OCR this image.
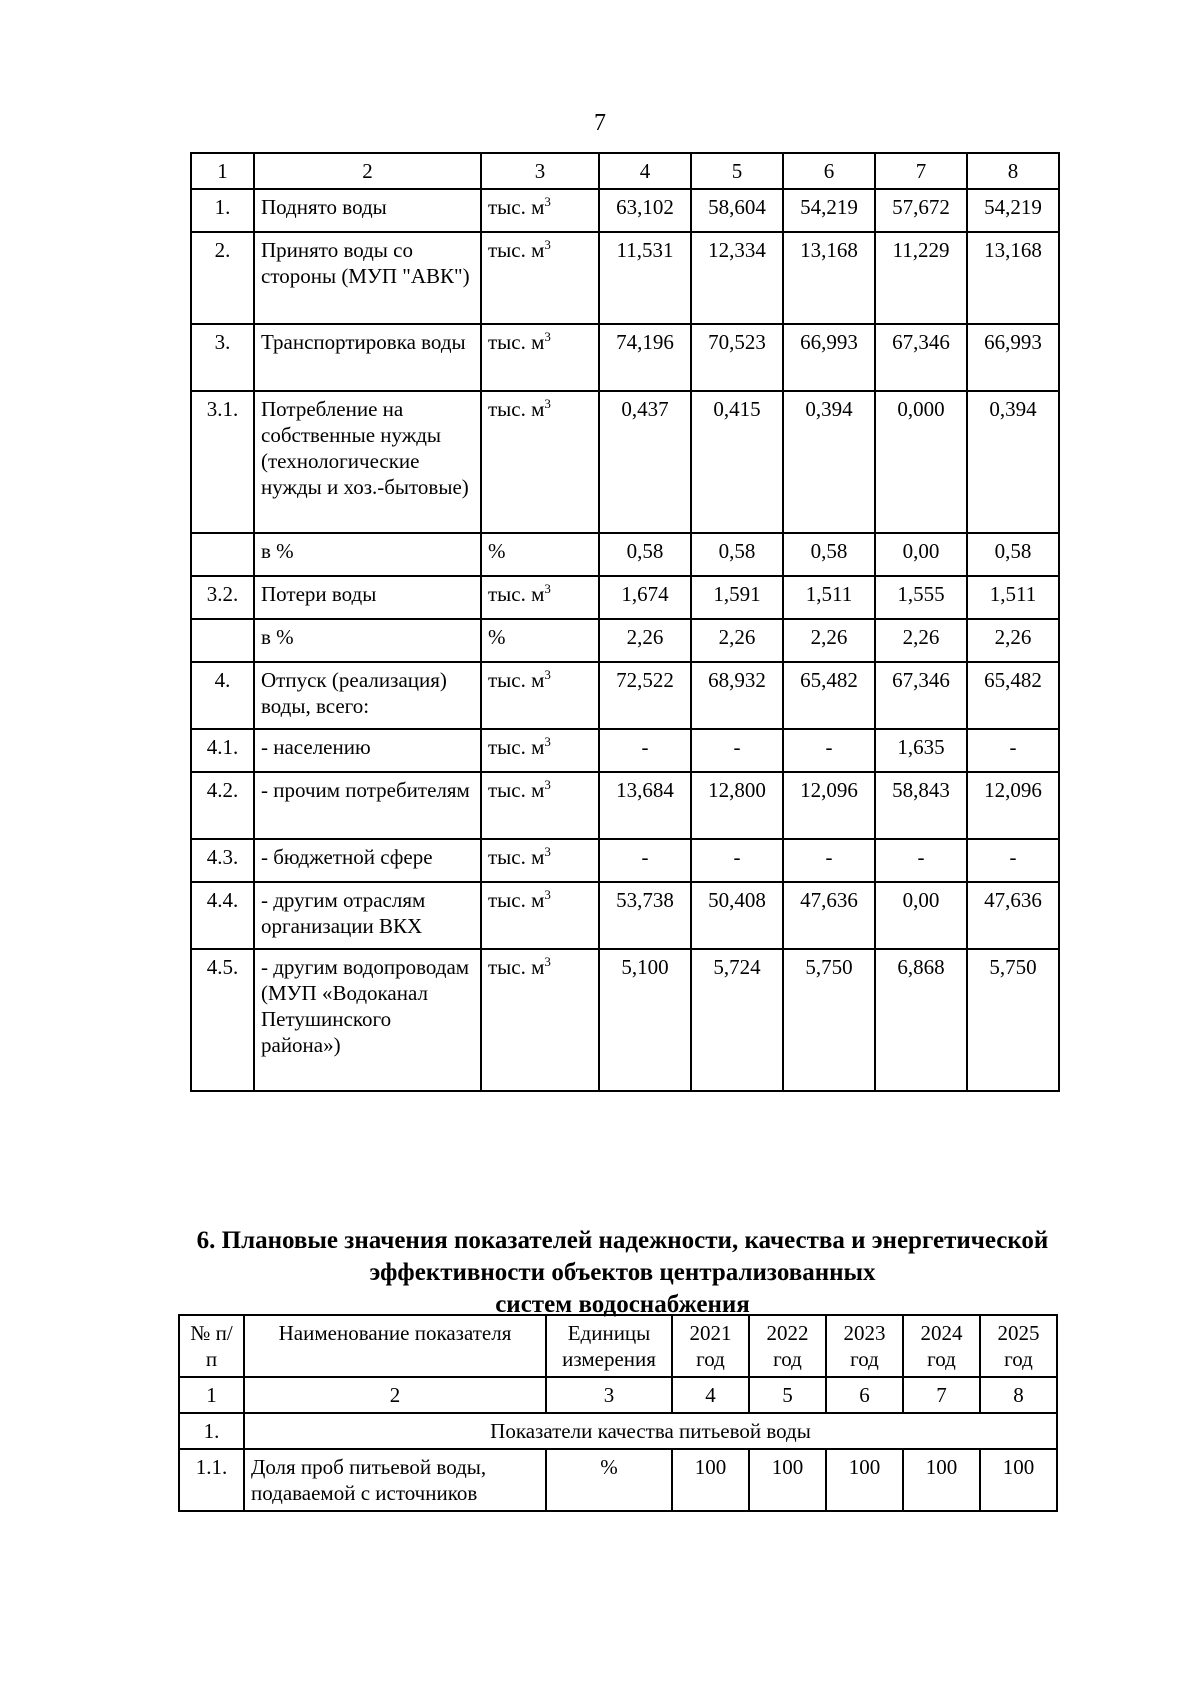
7
1	2	3	4	5	6	7	8
1.	Поднято воды	тыс. $м^3$	63,102	58,604	54,219	57,672	54,219
2.	Принято воды со стороны (МУП "АВК")	тыс. $м^3$	11,531	12,334	13,168	11,229	13,168
3.	Транспортировка воды	тыс. $м^3$	74,196	70,523	66,993	67,346	66,993
3.1.	Потребление на собственные нужды (технологические нужды и хоз.-бытовые)	тыс. $м^3$	0,437	0,415	0,394	0,000	0,394
	в %	%	0,58	0,58	0,58	0,00	0,58
3.2.	Потери воды	тыс. $м^3$	1,674	1,591	1,511	1,555	1,511
	в %	%	2,26	2,26	2,26	2,26	2,26
4.	Отпуск (реализация) воды, всего:	тыс. $м^3$	72,522	68,932	65,482	67,346	65,482
4.1.	- населению	тыс. $м^3$	-	-	-	1,635	-
4.2.	- прочим потребителям	тыс. $м^3$	13,684	12,800	12,096	58,843	12,096
4.3.	- бюджетной сфере	тыс. $м^3$	-	-	-	-	-
4.4.	- другим отраслям организации ВКХ	тыс. $м^3$	53,738	50,408	47,636	0,00	47,636
4.5.	- другим водопроводам (МУП «Водоканал Петушинского района»)	тыс. $м^3$	5,100	5,724	5,750	6,868	5,750
6. Плановые значения показателей надежности, качества и энергетической
эффективности объектов централизованных
систем водоснабжения
№ п/п	Наименование показателя	Единицы измерения	2021 год	2022 год	2023 год	2024 год	2025 год
1	2	3	4	5	6	7	8
1.	Показатели качества питьевой воды						
1.1.	Доля проб питьевой воды, подаваемой с источников	%	100	100	100	100	100
